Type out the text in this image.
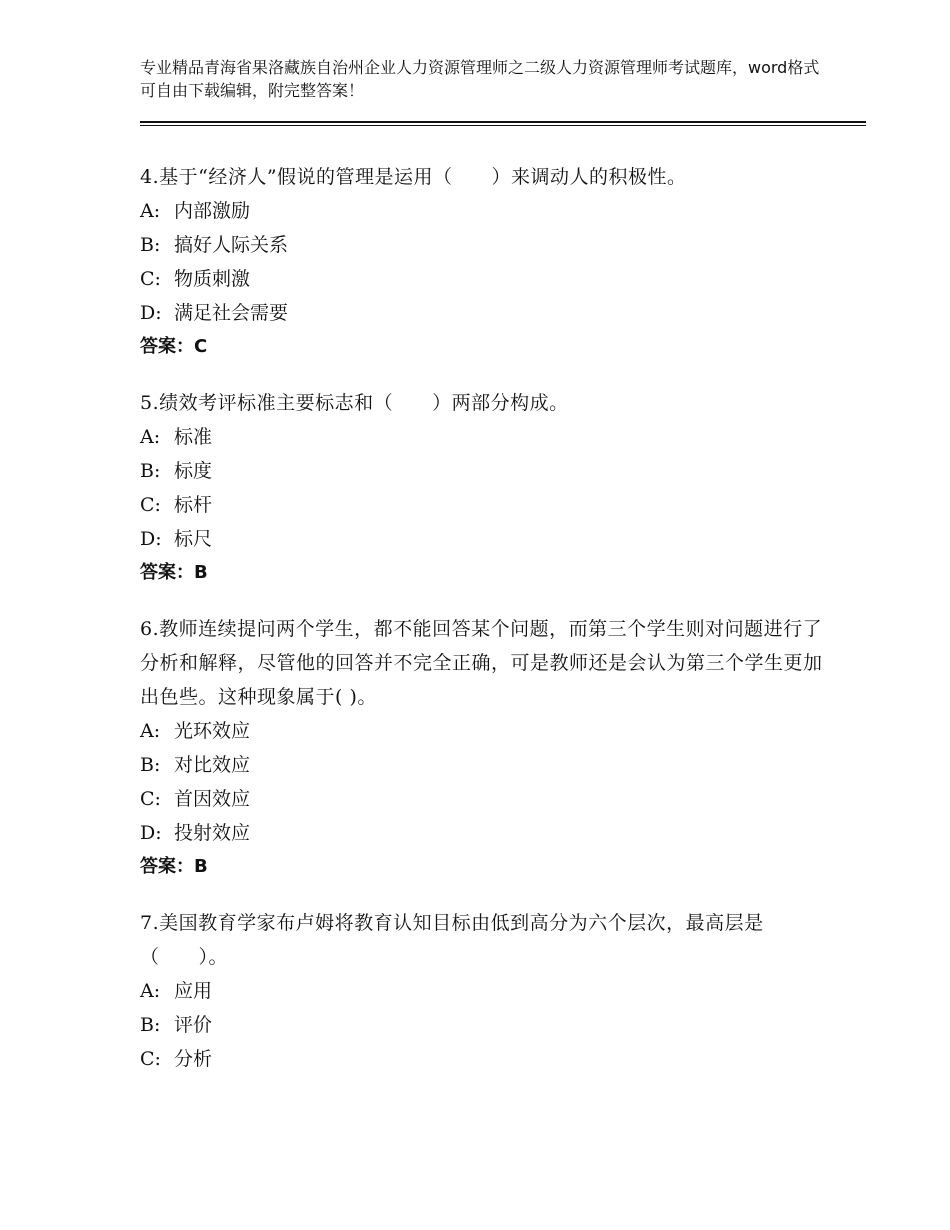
专业精品青海省果洛藏族自治州企业人力资源管理师之二级人力资源管理师考试题库，word格式可自由下载编辑，附完整答案！

4.基于“经济人”假说的管理是运用（　　）来调动人的积极性。

A: 内部激励

B: 搞好人际关系

C: 物质刺激

D: 满足社会需要

答案：C

5.绩效考评标准主要标志和（　　）两部分构成。

A: 标准

B: 标度

C: 标杆

D: 标尺

答案：B

6.教师连续提问两个学生，都不能回答某个问题，而第三个学生则对问题进行了分析和解释，尽管他的回答并不完全正确，可是教师还是会认为第三个学生更加出色些。这种现象属于( )。

A: 光环效应

B: 对比效应

C: 首因效应

D: 投射效应

答案：B

7.美国教育学家布卢姆将教育认知目标由低到高分为六个层次，最高层是（　　）。

A: 应用

B: 评价

C: 分析
